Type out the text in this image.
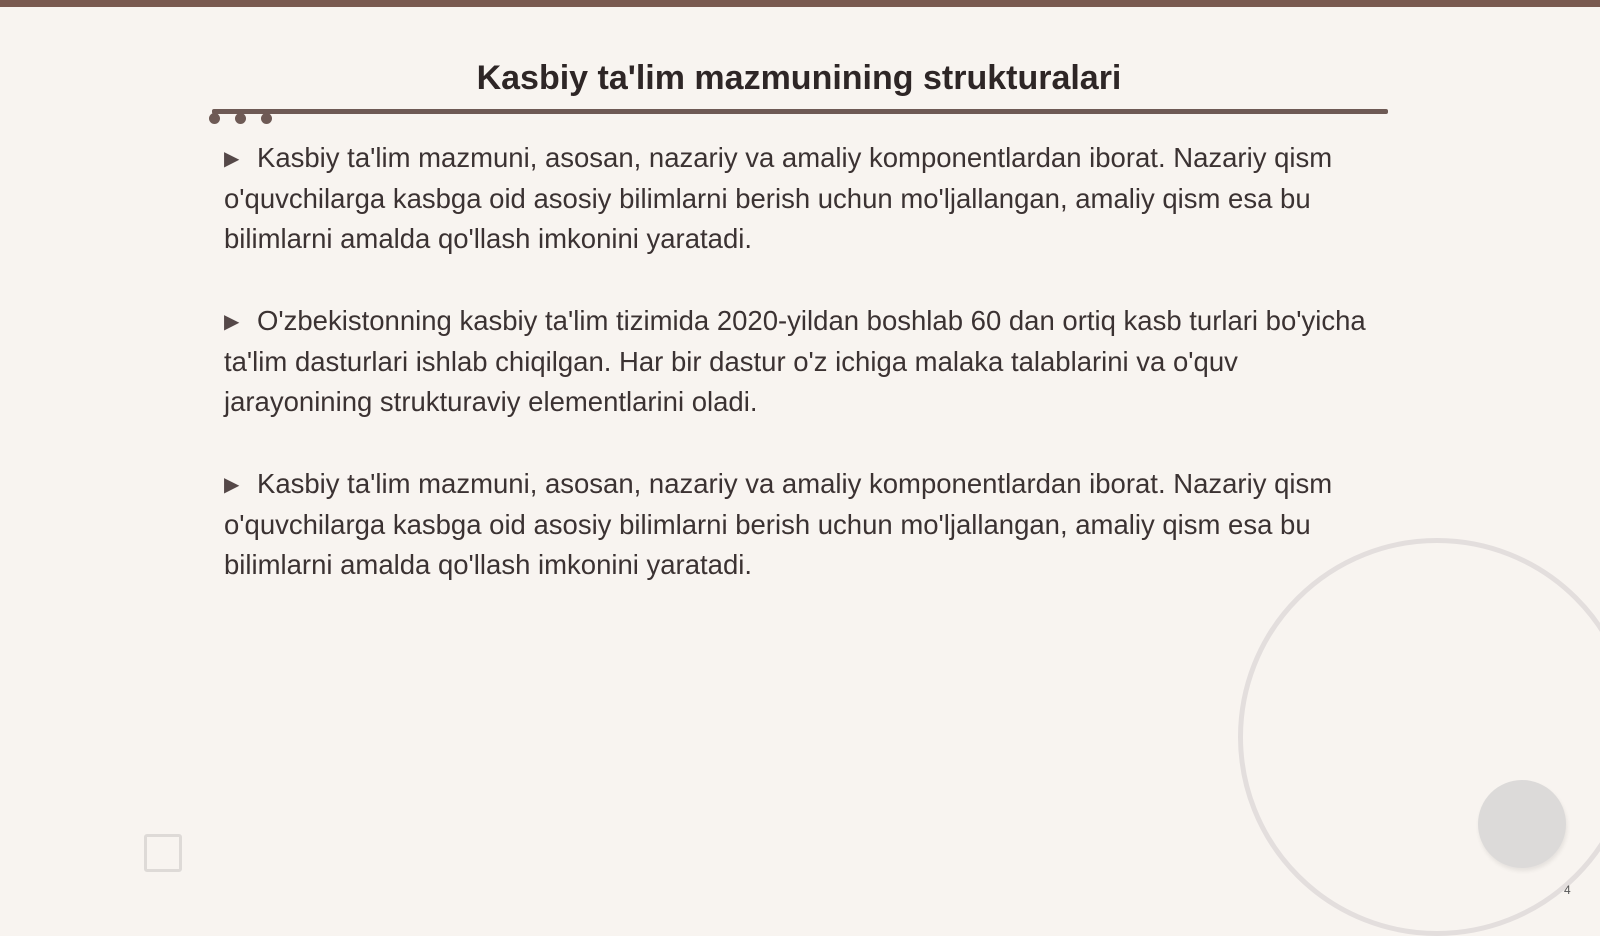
Kasbiy ta'lim mazmunining strukturalari

▶ Kasbiy ta'lim mazmuni, asosan, nazariy va amaliy komponentlardan iborat. Nazariy qism o'quvchilarga kasbga oid asosiy bilimlarni berish uchun mo'ljallangan, amaliy qism esa bu bilimlarni amalda qo'llash imkonini yaratadi.

▶ O'zbekistonning kasbiy ta'lim tizimida 2020-yildan boshlab 60 dan ortiq kasb turlari bo'yicha ta'lim dasturlari ishlab chiqilgan. Har bir dastur o'z ichiga malaka talablarini va o'quv jarayonining strukturaviy elementlarini oladi.

▶ Kasbiy ta'lim mazmuni, asosan, nazariy va amaliy komponentlardan iborat. Nazariy qism o'quvchilarga kasbga oid asosiy bilimlarni berish uchun mo'ljallangan, amaliy qism esa bu bilimlarni amalda qo'llash imkonini yaratadi.

4
